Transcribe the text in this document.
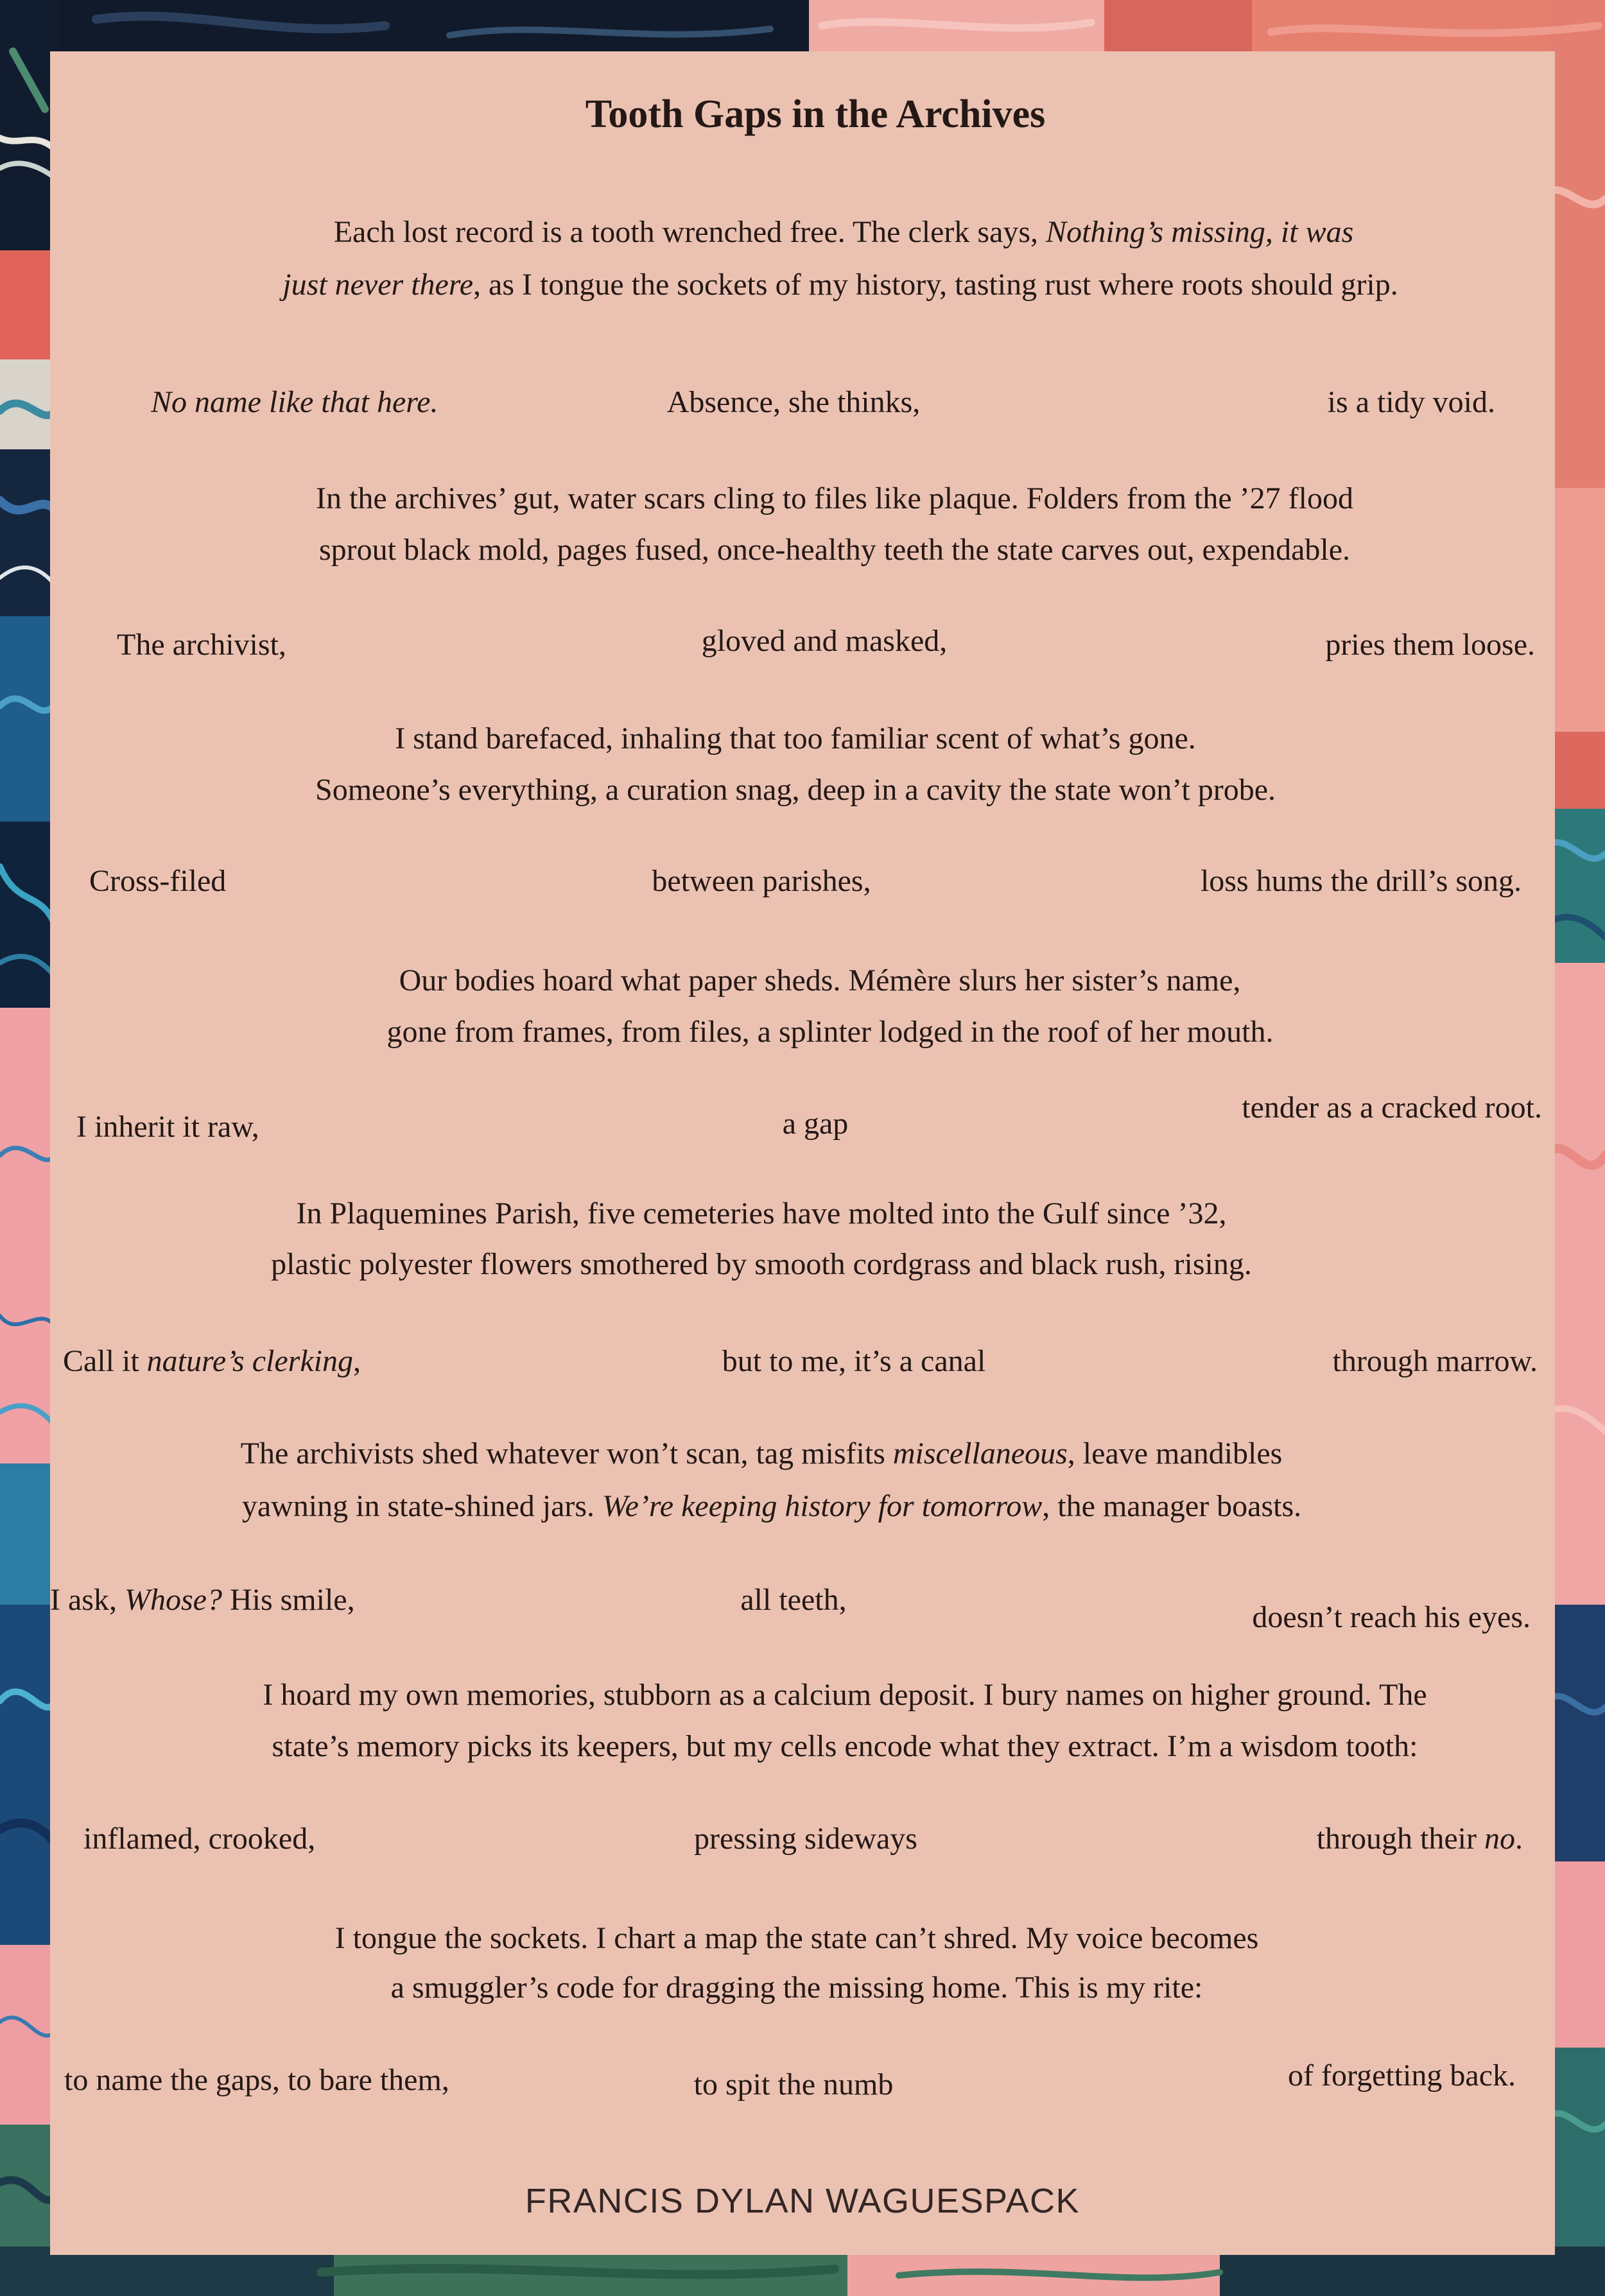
Tooth Gaps in the Archives
Each lost record is a tooth wrenched free. The clerk says, Nothing’s missing, it was
just never there, as I tongue the sockets of my history, tasting rust where roots should grip.
No name like that here.	Absence, she thinks,	is a tidy void.
In the archives’ gut, water scars cling to files like plaque. Folders from the ’27 flood
sprout black mold, pages fused, once-healthy teeth the state carves out, expendable.
The archivist,	gloved and masked,	pries them loose.
I stand barefaced, inhaling that too familiar scent of what’s gone.
Someone’s everything, a curation snag, deep in a cavity the state won’t probe.
Cross-filed	between parishes,	loss hums the drill’s song.
Our bodies hoard what paper sheds. Mémère slurs her sister’s name,
gone from frames, from files, a splinter lodged in the roof of her mouth.
I inherit it raw,	a gap	tender as a cracked root.
In Plaquemines Parish, five cemeteries have molted into the Gulf since ’32,
plastic polyester flowers smothered by smooth cordgrass and black rush, rising.
Call it nature’s clerking,	but to me, it’s a canal	through marrow.
The archivists shed whatever won’t scan, tag misfits miscellaneous, leave mandibles
yawning in state-shined jars. We’re keeping history for tomorrow, the manager boasts.
I ask, Whose? His smile,	all teeth,
doesn’t reach his eyes.
I hoard my own memories, stubborn as a calcium deposit. I bury names on higher ground. The
state’s memory picks its keepers, but my cells encode what they extract. I’m a wisdom tooth:
inflamed, crooked,	pressing sideways	through their no.
I tongue the sockets. I chart a map the state can’t shred. My voice becomes
a smuggler’s code for dragging the missing home. This is my rite:
to name the gaps, to bare them,	to spit the numb	of forgetting back.
FRANCIS DYLAN WAGUESPACK
